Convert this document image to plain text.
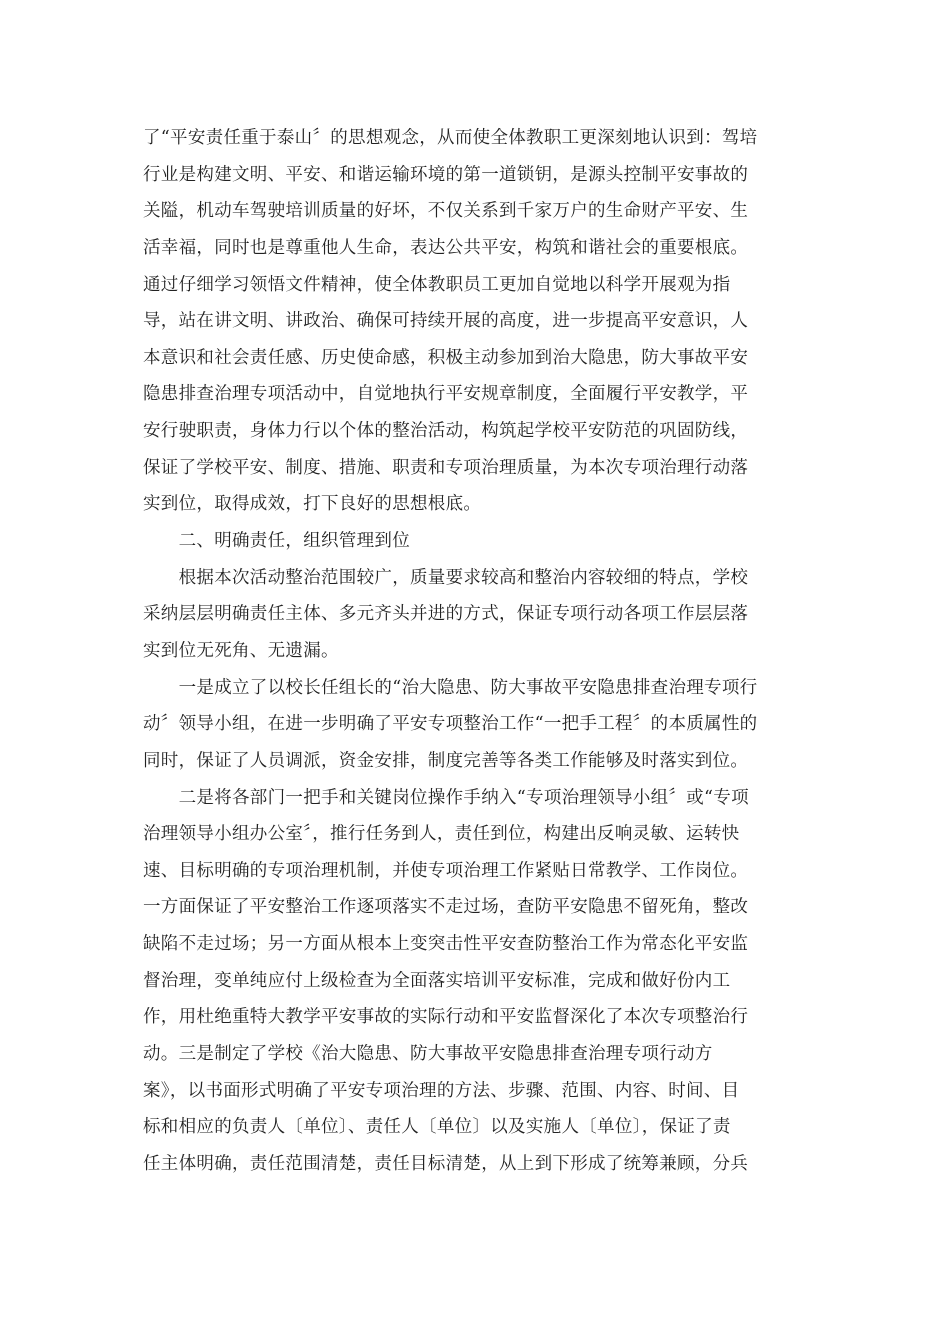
了“平安责任重于泰山〞的思想观念，从而使全体教职工更深刻地认识到：驾培
行业是构建文明、平安、和谐运输环境的第一道锁钥，是源头控制平安事故的
关隘，机动车驾驶培训质量的好坏，不仅关系到千家万户的生命财产平安、生
活幸福，同时也是尊重他人生命，表达公共平安，构筑和谐社会的重要根底。
通过仔细学习领悟文件精神，使全体教职员工更加自觉地以科学开展观为指
导，站在讲文明、讲政治、确保可持续开展的高度，进一步提高平安意识，人
本意识和社会责任感、历史使命感，积极主动参加到治大隐患，防大事故平安
隐患排查治理专项活动中，自觉地执行平安规章制度，全面履行平安教学，平
安行驶职责，身体力行以个体的整治活动，构筑起学校平安防范的巩固防线，
保证了学校平安、制度、措施、职责和专项治理质量，为本次专项治理行动落
实到位，取得成效，打下良好的思想根底。
　　二、明确责任，组织管理到位
　　根据本次活动整治范围较广，质量要求较高和整治内容较细的特点，学校
采纳层层明确责任主体、多元齐头并进的方式，保证专项行动各项工作层层落
实到位无死角、无遗漏。
　　一是成立了以校长任组长的“治大隐患、防大事故平安隐患排查治理专项行
动〞领导小组，在进一步明确了平安专项整治工作“一把手工程〞的本质属性的
同时，保证了人员调派，资金安排，制度完善等各类工作能够及时落实到位。
　　二是将各部门一把手和关键岗位操作手纳入“专项治理领导小组〞或“专项
治理领导小组办公室〞，推行任务到人，责任到位，构建出反响灵敏、运转快
速、目标明确的专项治理机制，并使专项治理工作紧贴日常教学、工作岗位。
一方面保证了平安整治工作逐项落实不走过场，查防平安隐患不留死角，整改
缺陷不走过场；另一方面从根本上变突击性平安查防整治工作为常态化平安监
督治理，变单纯应付上级检查为全面落实培训平安标准，完成和做好份内工
作，用杜绝重特大教学平安事故的实际行动和平安监督深化了本次专项整治行
动。三是制定了学校《治大隐患、防大事故平安隐患排查治理专项行动方
案》，以书面形式明确了平安专项治理的方法、步骤、范围、内容、时间、目
标和相应的负责人〔单位〕、责任人〔单位〕以及实施人〔单位〕，保证了责
任主体明确，责任范围清楚，责任目标清楚，从上到下形成了统筹兼顾，分兵
